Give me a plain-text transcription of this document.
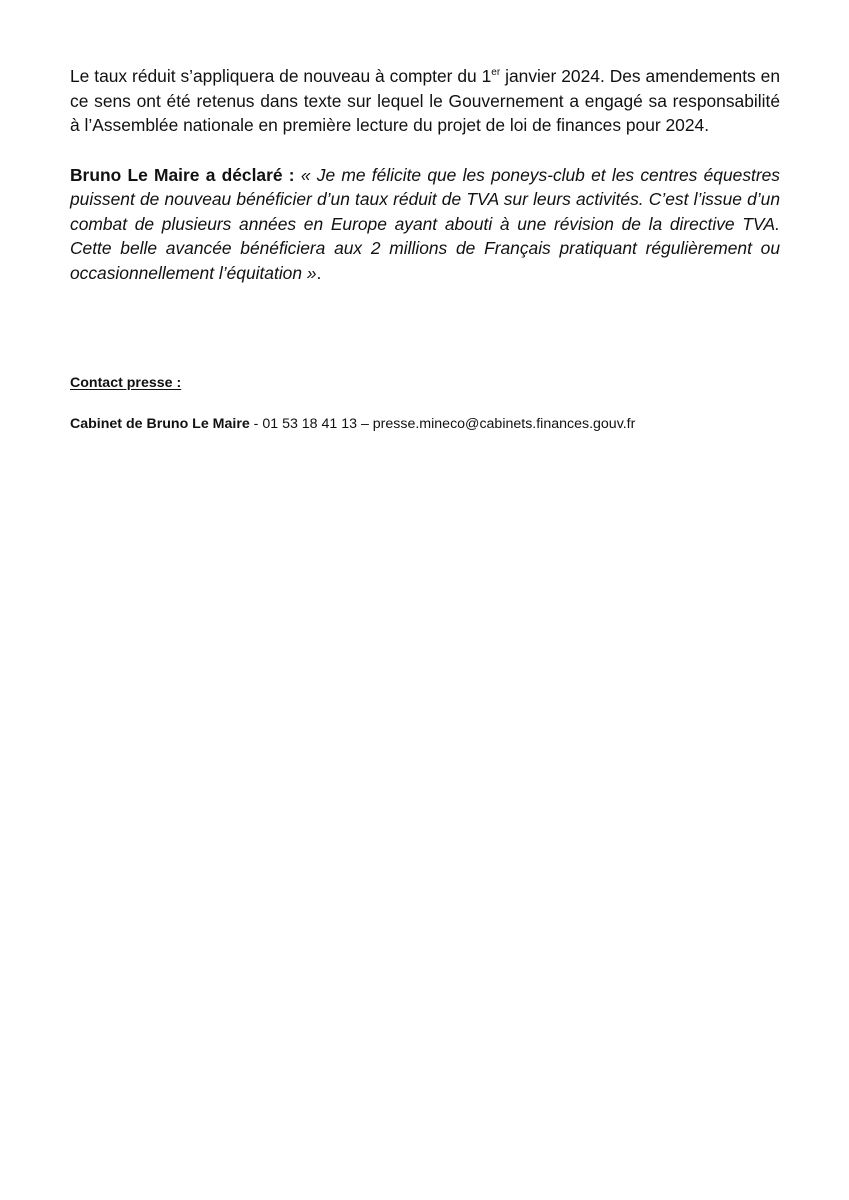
Le taux réduit s’appliquera de nouveau à compter du 1er janvier 2024. Des amendements en ce sens ont été retenus dans texte sur lequel le Gouvernement a engagé sa responsabilité à l’Assemblée nationale en première lecture du projet de loi de finances pour 2024.

Bruno Le Maire a déclaré : « Je me félicite que les poneys-club et les centres équestres puissent de nouveau bénéficier d’un taux réduit de TVA sur leurs activités. C’est l’issue d’un combat de plusieurs années en Europe ayant abouti à une révision de la directive TVA. Cette belle avancée bénéficiera aux 2 millions de Français pratiquant régulièrement ou occasionnellement l’équitation ».

Contact presse :

Cabinet de Bruno Le Maire - 01 53 18 41 13 – presse.mineco@cabinets.finances.gouv.fr
